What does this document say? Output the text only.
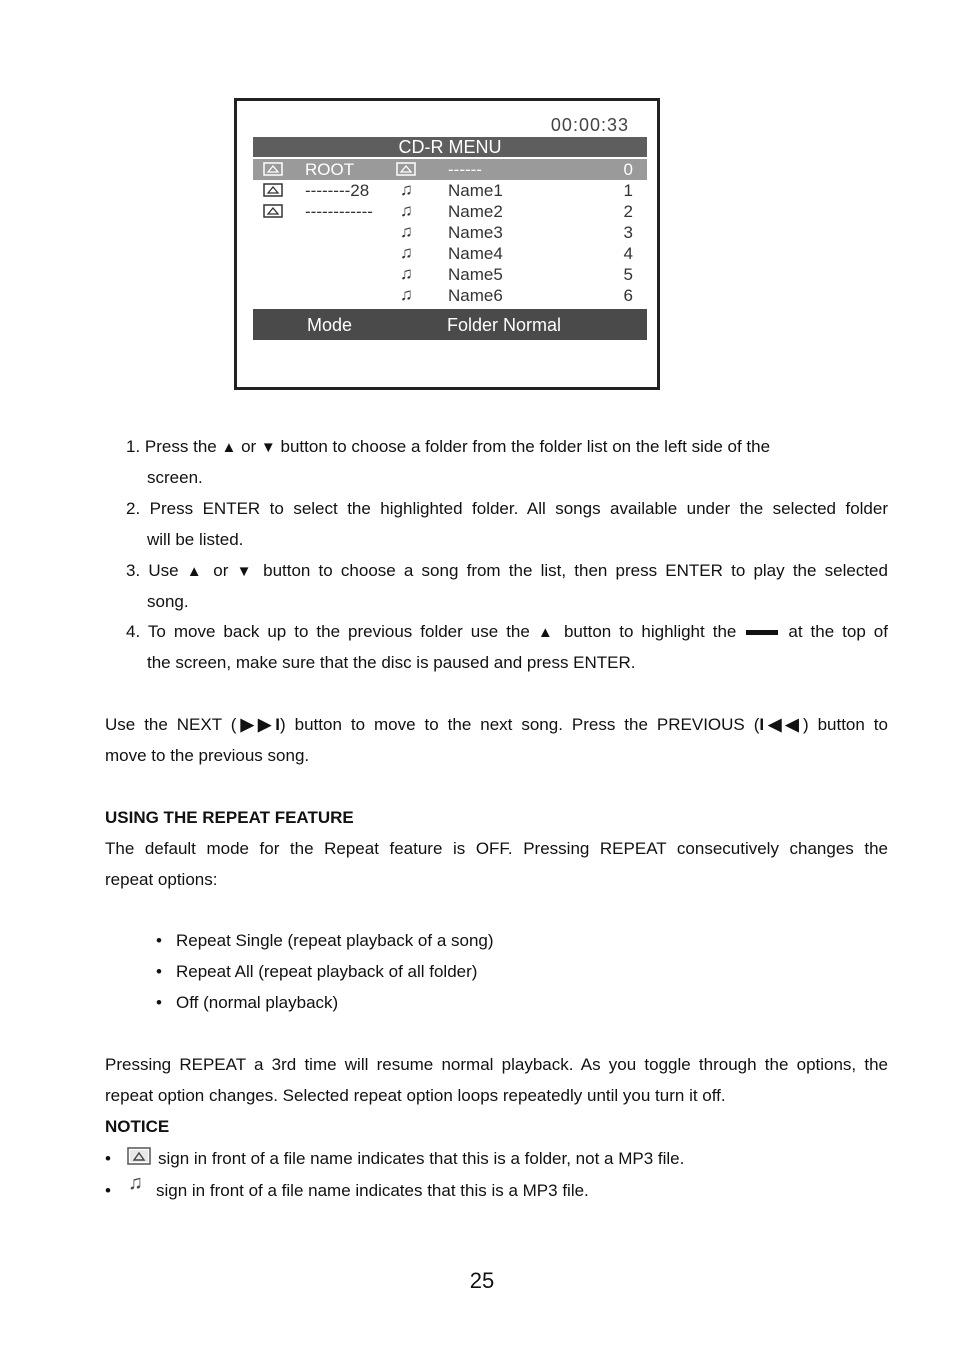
00:00:33
CD-R MENU
ROOT	------	0
--------28 ♫ Name1	1
------------ ♫ Name2	2
♫ Name3	3
♫ Name4	4
♫ Name5	5
♫ Name6	6
Mode	Folder Normal
1. Press the ▲ or ▼ button to choose a folder from the folder list on the left side of the
screen.
2. Press ENTER to select the highlighted folder. All songs available under the selected folder
will be listed.
3. Use ▲ or ▼ button to choose a song from the list, then press ENTER to play the selected
song.
4. To move back up to the previous folder use the ▲ button to highlight the	at the top of
the screen, make sure that the disc is paused and press ENTER.
Use the NEXT (▶▶I) button to move to the next song. Press the PREVIOUS (I◀◀) button to
move to the previous song.
USING THE REPEAT FEATURE
The default mode for the Repeat feature is OFF. Pressing REPEAT consecutively changes the
repeat options:
• Repeat Single (repeat playback of a song)
• Repeat All (repeat playback of all folder)
• Off (normal playback)
Pressing REPEAT a 3rd time will resume normal playback. As you toggle through the options, the
repeat option changes. Selected repeat option loops repeatedly until you turn it off.
NOTICE
•	sign in front of a file name indicates that this is a folder, not a MP3 file.
• ♫ sign in front of a file name indicates that this is a MP3 file.
25
